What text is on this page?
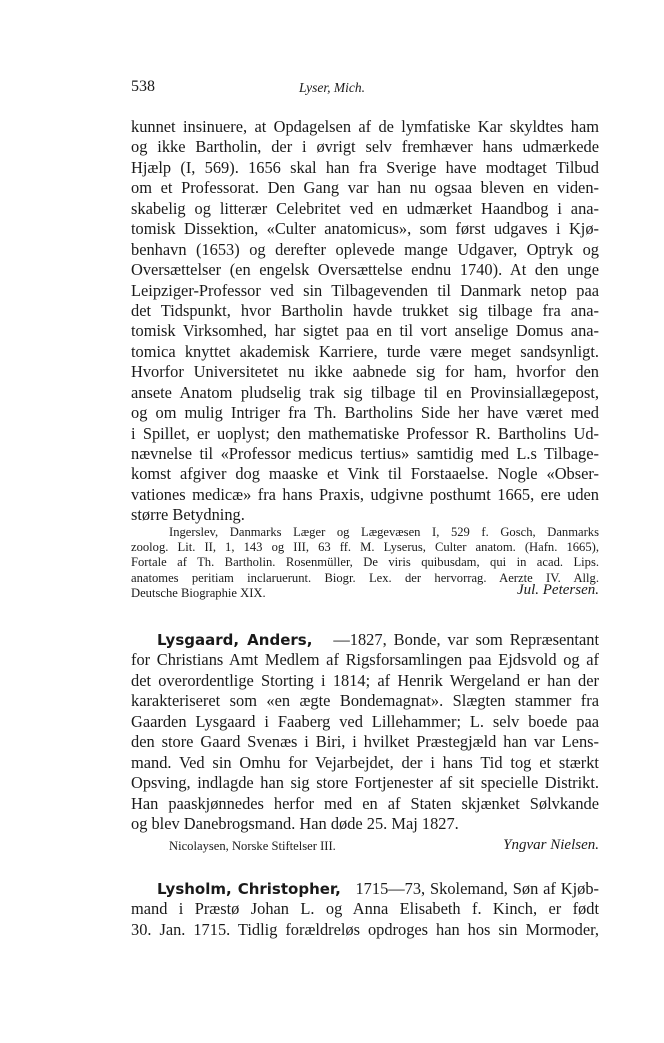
538	Lyser, Mich.
kunnet insinuere, at Opdagelsen af de lymfatiske Kar skyldtes ham
og ikke Bartholin, der i øvrigt selv fremhæver hans udmærkede
Hjælp (I, 569). 1656 skal han fra Sverige have modtaget Tilbud
om et Professorat. Den Gang var han nu ogsaa bleven en viden-
skabelig og litterær Celebritet ved en udmærket Haandbog i ana-
tomisk Dissektion, «Culter anatomicus», som først udgaves i Kjø-
benhavn (1653) og derefter oplevede mange Udgaver, Optryk og
Oversættelser (en engelsk Oversættelse endnu 1740). At den unge
Leipziger-Professor ved sin Tilbagevenden til Danmark netop paa
det Tidspunkt, hvor Bartholin havde trukket sig tilbage fra ana-
tomisk Virksomhed, har sigtet paa en til vort anselige Domus ana-
tomica knyttet akademisk Karriere, turde være meget sandsynligt.
Hvorfor Universitetet nu ikke aabnede sig for ham, hvorfor den
ansete Anatom pludselig trak sig tilbage til en Provinsiallægepost,
og om mulig Intriger fra Th. Bartholins Side her have været med
i Spillet, er uoplyst; den mathematiske Professor R. Bartholins Ud-
nævnelse til «Professor medicus tertius» samtidig med L.s Tilbage-
komst afgiver dog maaske et Vink til Forstaaelse. Nogle «Obser-
vationes medicæ» fra hans Praxis, udgivne posthumt 1665, ere uden
større Betydning.
Ingerslev, Danmarks Læger og Lægevæsen I, 529 f. Gosch, Danmarks
zoolog. Lit. II, 1, 143 og III, 63 ff. M. Lyserus, Culter anatom. (Hafn. 1665),
Fortale af Th. Bartholin. Rosenmüller, De viris quibusdam, qui in acad. Lips.
anatomes peritiam inclaruerunt. Biogr. Lex. der hervorrag. Aerzte IV. Allg.
Deutsche Biographie XIX.	Jul. Petersen.
Lysgaard, Anders, —1827, Bonde, var som Repræsentant
for Christians Amt Medlem af Rigsforsamlingen paa Ejdsvold og af
det overordentlige Storting i 1814; af Henrik Wergeland er han der
karakteriseret som «en ægte Bondemagnat». Slægten stammer fra
Gaarden Lysgaard i Faaberg ved Lillehammer; L. selv boede paa
den store Gaard Svenæs i Biri, i hvilket Præstegjæld han var Lens-
mand. Ved sin Omhu for Vejarbejdet, der i hans Tid tog et stærkt
Opsving, indlagde han sig store Fortjenester af sit specielle Distrikt.
Han paaskjønnedes herfor med en af Staten skjænket Sølvkande
og blev Danebrogsmand. Han døde 25. Maj 1827.
Nicolaysen, Norske Stiftelser III.	Yngvar Nielsen.
Lysholm, Christopher, 1715—73, Skolemand, Søn af Kjøb-
mand i Præstø Johan L. og Anna Elisabeth f. Kinch, er født
30. Jan. 1715. Tidlig forældreløs opdroges han hos sin Mormoder,
